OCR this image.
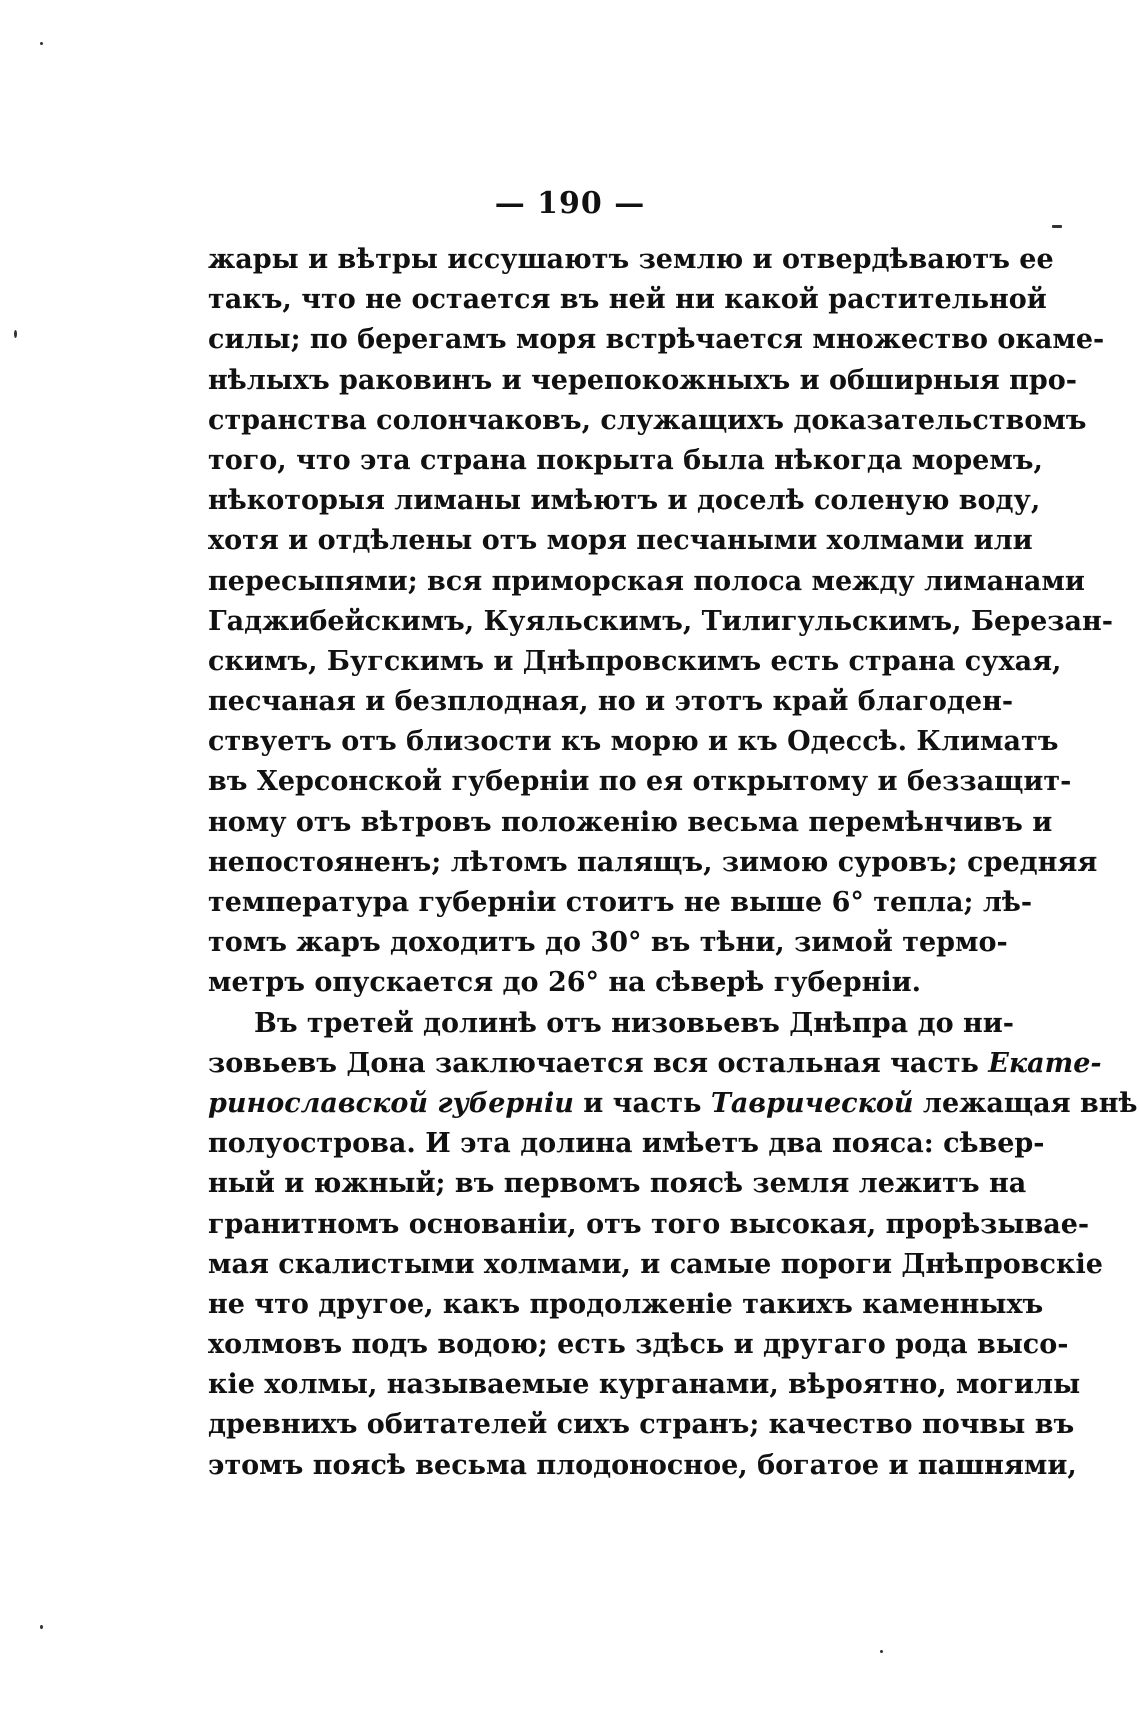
— 190 —
жары и вѣтры иссушаютъ землю и отвердѣваютъ ее
такъ, что не остается въ ней ни какой растительной
силы; по берегамъ моря встрѣчается множество окаме-
нѣлыхъ раковинъ и черепокожныхъ и обширныя про-
странства солончаковъ, служащихъ доказательствомъ
того, что эта страна покрыта была нѣкогда моремъ,
нѣкоторыя лиманы имѣютъ и доселѣ соленую воду,
хотя и отдѣлены отъ моря песчаными холмами или
пересыпями; вся приморская полоса между лиманами
Гаджибейскимъ, Куяльскимъ, Тилигульскимъ, Березан-
скимъ, Бугскимъ и Днѣпровскимъ есть страна сухая,
песчаная и безплодная, но и этотъ край благоден-
ствуетъ отъ близости къ морю и къ Одессѣ. Климатъ
въ Херсонской губерніи по ея открытому и беззащит-
ному отъ вѣтровъ положенію весьма перемѣнчивъ и
непостояненъ; лѣтомъ палящъ, зимою суровъ; средняя
температура губерніи стоитъ не выше 6° тепла; лѣ-
томъ жаръ доходитъ до 30° въ тѣни, зимой термо-
метръ опускается до 26° на сѣверѣ губерніи.
Въ третей долинѣ отъ низовьевъ Днѣпра до ни-
зовьевъ Дона заключается вся остальная часть Екате-
ринославской губерніи и часть Таврической лежащая внѣ
полуострова. И эта долина имѣетъ два пояса: сѣвер-
ный и южный; въ первомъ поясѣ земля лежитъ на
гранитномъ основаніи, отъ того высокая, прорѣзывае-
мая скалистыми холмами, и самые пороги Днѣпровскіе
не что другое, какъ продолженіе такихъ каменныхъ
холмовъ подъ водою; есть здѣсь и другаго рода высо-
кіе холмы, называемые курганами, вѣроятно, могилы
древнихъ обитателей сихъ странъ; качество почвы въ
этомъ поясѣ весьма плодоносное, богатое и пашнями,
